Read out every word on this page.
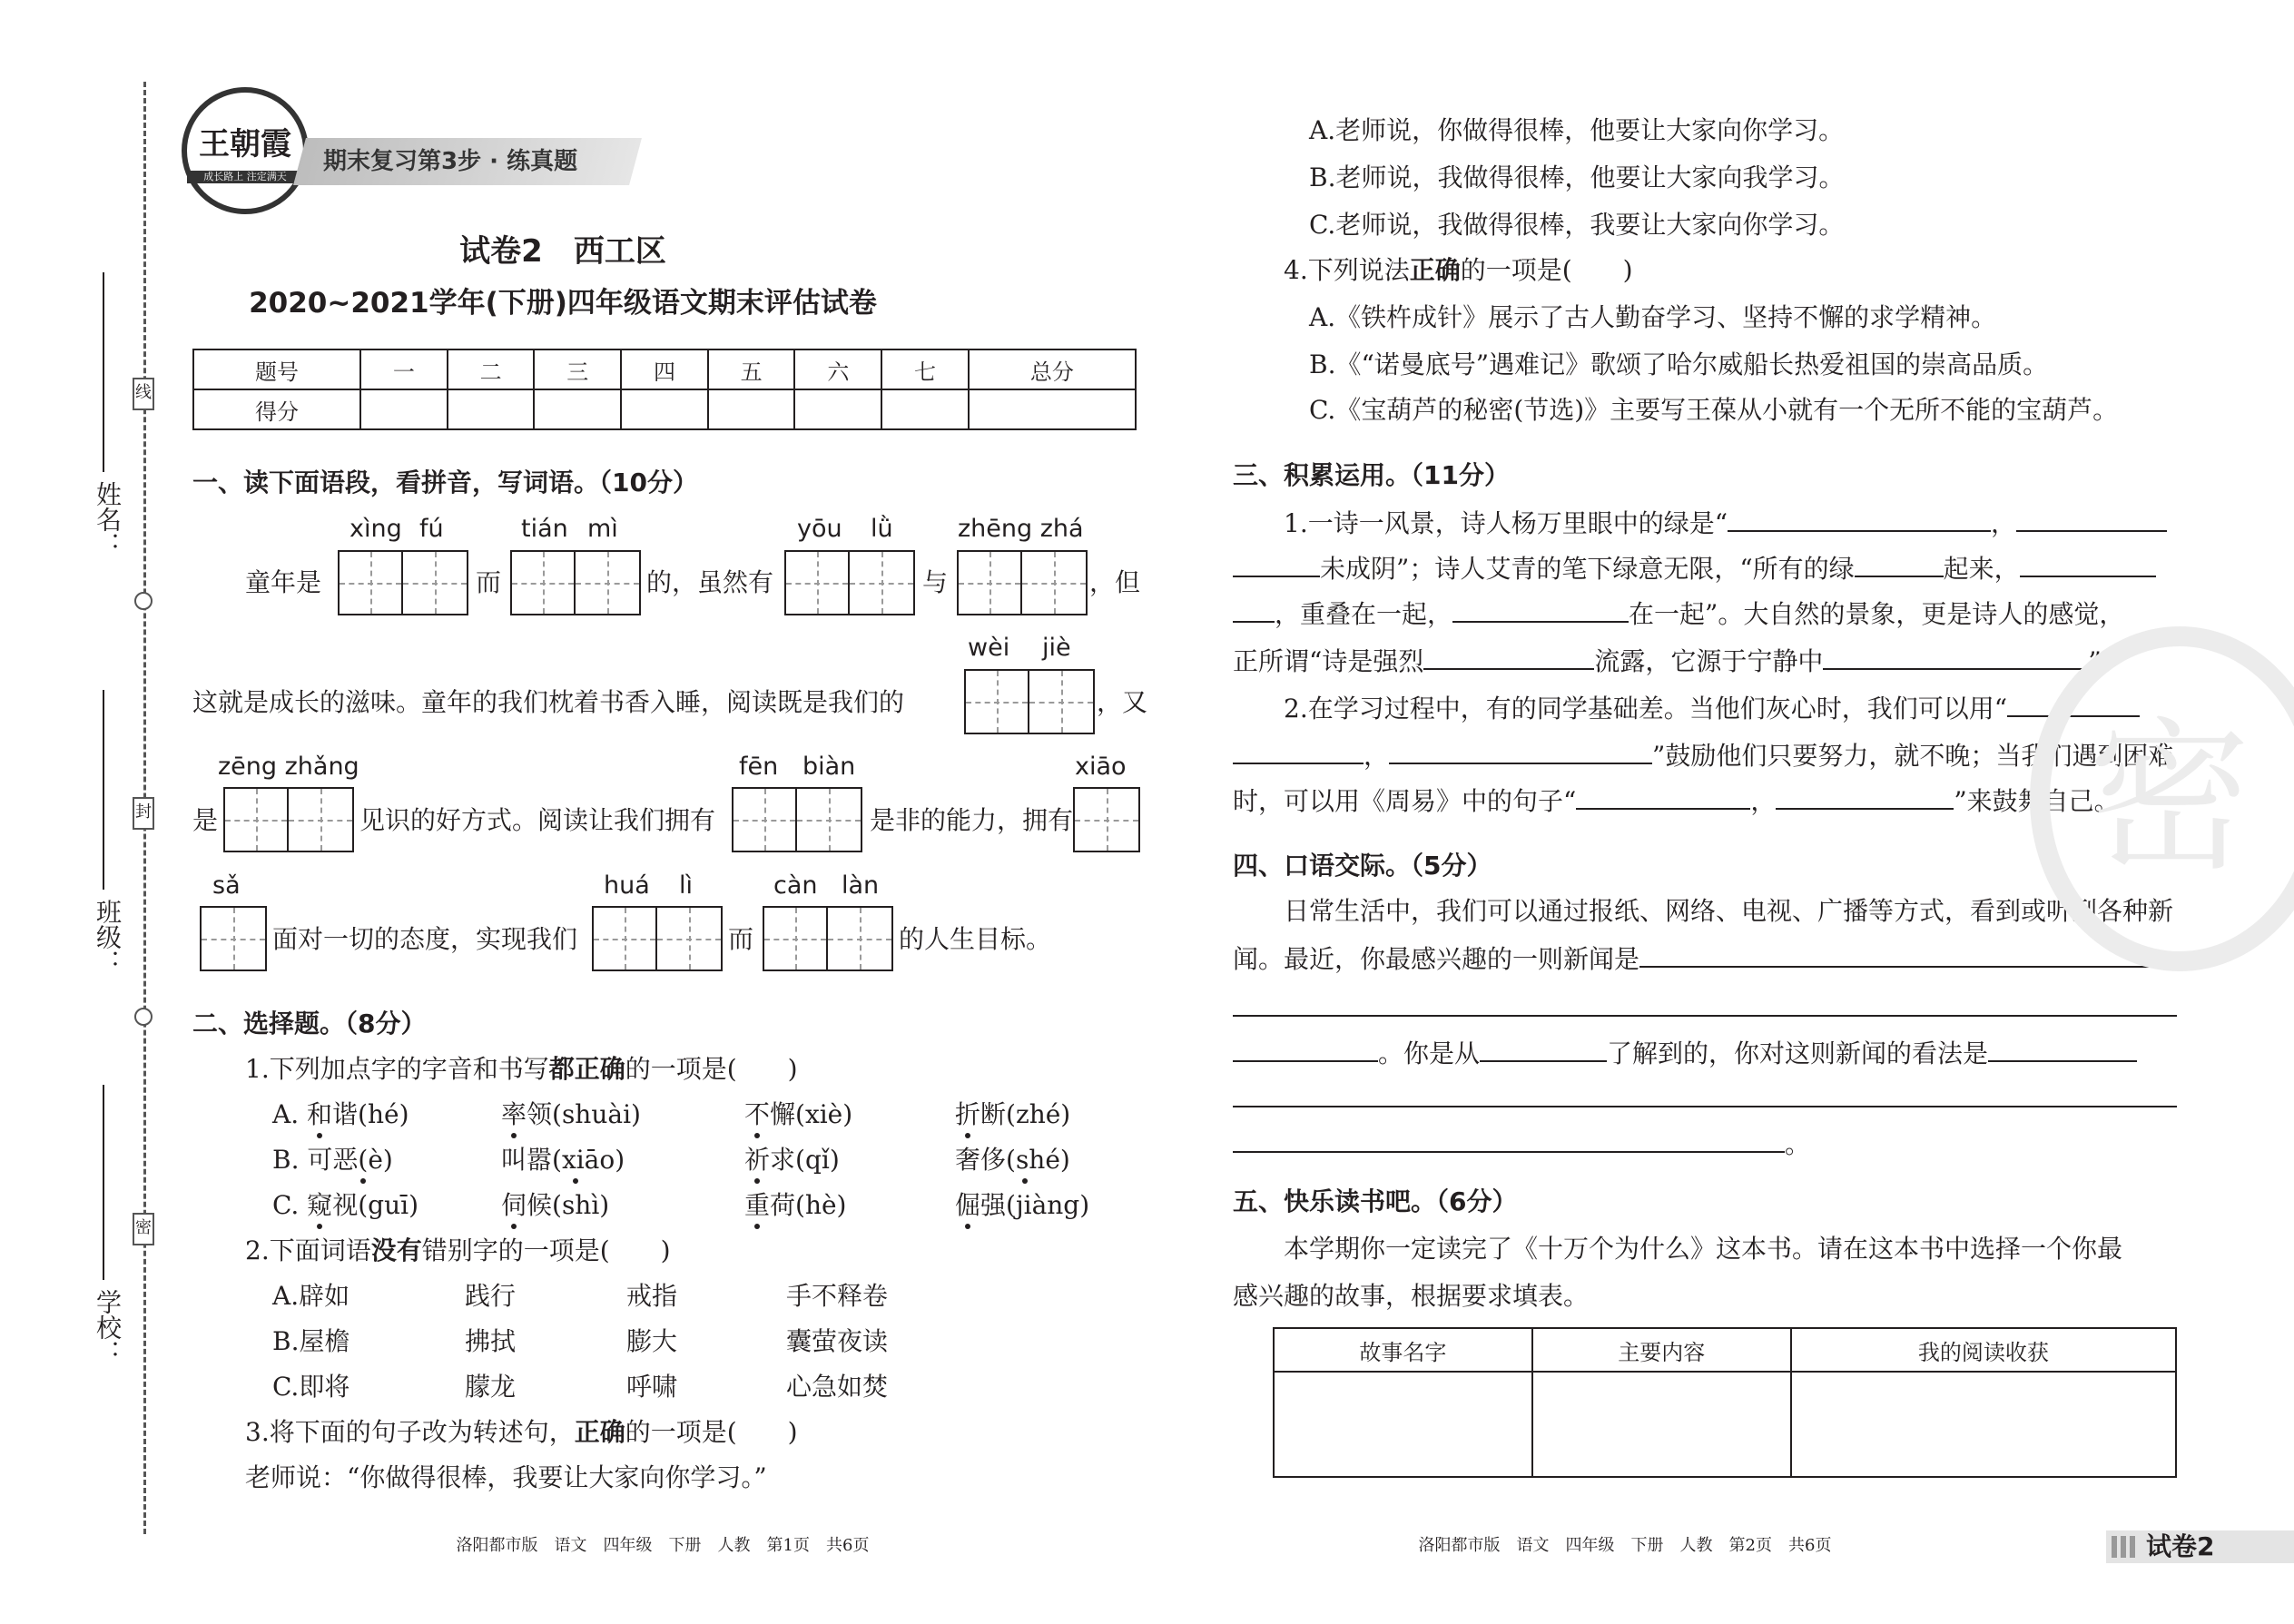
线
封
密
姓名：
班级：
学校：
王朝霞
成长路上 注定满天
期末复习第3步 · 练真题
试卷2　西工区
2020~2021学年(下册)四年级语文期末评估试卷
题号	一	二	三	四	五	六	七	总分
得分								
一、读下面语段，看拼音，写词语。（10分）
xìng fú	tián mì	yōu lǜ	zhēng zhá
童年是	而	的，虽然有	与	，但
wèi jiè
这就是成长的滋味。童年的我们枕着书香入睡，阅读既是我们的	，又
zēng zhǎng	fēn biàn	xiāo
是	见识的好方式。阅读让我们拥有	是非的能力，拥有
sǎ	huá lì	càn làn
面对一切的态度，实现我们	而	的人生目标。
二、选择题。（8分）
1.下列加点字的字音和书写都正确的一项是(　　)
A. 和谐(hé)	率领(shuài)	不懈(xiè)	折断(zhé)
B. 可恶(è)	叫嚣(xiāo)	祈求(qǐ)	奢侈(shé)
C. 窥视(guī)	伺候(shì)	重荷(hè)	倔强(jiàng)
2.下面词语没有错别字的一项是(　　)
A.辟如	践行	戒指	手不释卷
B.屋檐	拂拭	膨大	囊萤夜读
C.即将	朦龙	呼啸	心急如焚
3.将下面的句子改为转述句，正确的一项是(　　)
老师说：“你做得很棒，我要让大家向你学习。”
洛阳都市版　语文　四年级　下册　人教　第1页　共6页
A.老师说，你做得很棒，他要让大家向你学习。
B.老师说，我做得很棒，他要让大家向我学习。
C.老师说，我做得很棒，我要让大家向你学习。
4.下列说法正确的一项是(　　)
A.《铁杵成针》展示了古人勤奋学习、坚持不懈的求学精神。
B.《“诺曼底号”遇难记》歌颂了哈尔威船长热爱祖国的崇高品质。
C.《宝葫芦的秘密(节选)》主要写王葆从小就有一个无所不能的宝葫芦。
三、积累运用。（11分）
1.一诗一风景，诗人杨万里眼中的绿是“	，
未成阴”；诗人艾青的笔下绿意无限，“所有的绿	起来，
，重叠在一起，	在一起”。大自然的景象，更是诗人的感觉，
正所谓“诗是强烈	流露，它源于宁静中	”。
2.在学习过程中，有的同学基础差。当他们灰心时，我们可以用“
，	”鼓励他们只要努力，就不晚；当我们遇到困难
时，可以用《周易》中的句子“	，	”来鼓舞自己。
四、口语交际。（5分）
日常生活中，我们可以通过报纸、网络、电视、广播等方式，看到或听到各种新
闻。最近，你最感兴趣的一则新闻是
。你是从	了解到的，你对这则新闻的看法是
。
五、快乐读书吧。（6分）
本学期你一定读完了《十万个为什么》这本书。请在这本书中选择一个你最
感兴趣的故事，根据要求填表。
故事名字	主要内容	我的阅读收获

密
洛阳都市版　语文　四年级　下册　人教　第2页　共6页	试卷2
